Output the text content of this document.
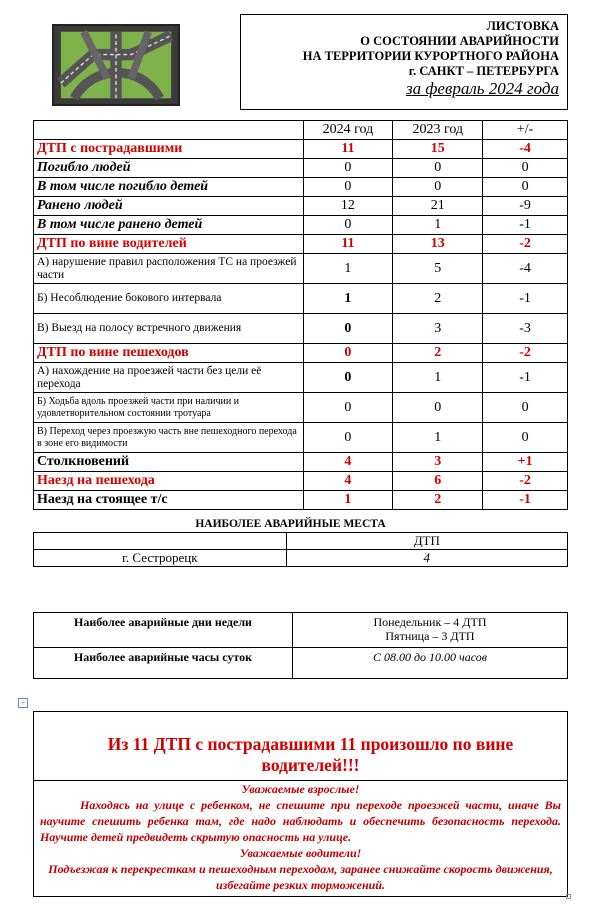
ЛИСТОВКА
О СОСТОЯНИИ АВАРИЙНОСТИ
НА ТЕРРИТОРИИ КУРОРТНОГО РАЙОНА
г. САНКТ – ПЕТЕРБУРГА
за февраль 2024 года
	2024 год	2023 год	+/-
ДТП с пострадавшими	11	15	-4
Погибло людей	0	0	0
В том числе погибло детей	0	0	0
Ранено людей	12	21	-9
В том числе ранено детей	0	1	-1
ДТП по вине водителей	11	13	-2
А) нарушение правил расположения ТС на проезжей части	1	5	-4
Б) Несоблюдение бокового интервала	1	2	-1
В) Выезд на полосу встречного движения	0	3	-3
ДТП по вине пешеходов	0	2	-2
А) нахождение на проезжей части без цели её перехода	0	1	-1
Б) Ходьба вдоль проезжей части при наличии и удовлетворительном состоянии тротуара	0	0	0
В) Переход через проезжую часть вне пешеходного перехода в зоне его видимости	0	1	0
Столкновений	4	3	+1
Наезд на пешехода	4	6	-2
Наезд на стоящее т/с	1	2	-1
НАИБОЛЕЕ АВАРИЙНЫЕ МЕСТА
	ДТП
г. Сестрорецк	4
Наиболее аварийные дни недели	Понедельник – 4 ДТП
Пятница – 3 ДТП

Наиболее аварийные часы суток	С 08.00 до 10.00 часов
+
Из 11 ДТП с пострадавшими 11 произошло по вине водителей!!!
Уважаемые взрослые!
Находясь на улице с ребенком, не спешите при переходе проезжей части, иначе Вы научите спешить ребенка там, где надо наблюдать и обеспечить безопасность перехода. Научите детей предвидеть скрытую опасность на улице.
Уважаемые водители!
Подъезжая к перекресткам и пешеходным переходам, заранее снижайте скорость движения, избегайте резких торможений.
